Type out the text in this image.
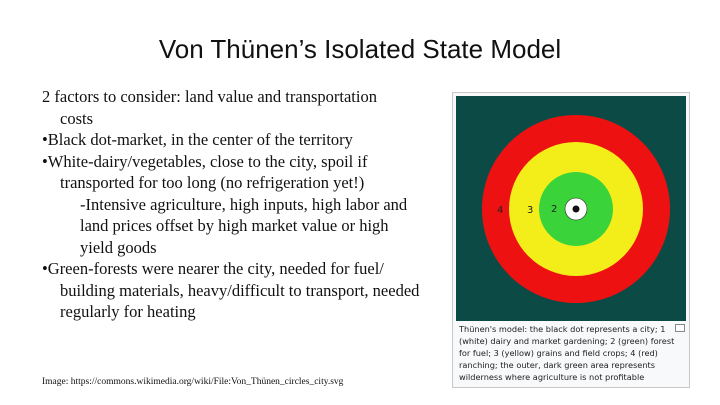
Von Thünen’s Isolated State Model
2 factors to consider: land value and transportation
costs
•Black dot-market, in the center of the territory
•White-dairy/vegetables, close to the city, spoil if
transported for too long (no refrigeration yet!)
-Intensive agriculture, high inputs, high labor and
land prices offset by high market value or high
yield goods
•Green-forests were nearer the city, needed for fuel/
building materials, heavy/difficult to transport, needed
regularly for heating
Image: https://commons.wikimedia.org/wiki/File:Von_Thünen_circles_city.svg
4 3 2
Thünen's model: the black dot represents a city; 1 (white) dairy and market gardening; 2 (green) forest for fuel; 3 (yellow) grains and field crops; 4 (red) ranching; the outer, dark green area represents wilderness where agriculture is not profitable
